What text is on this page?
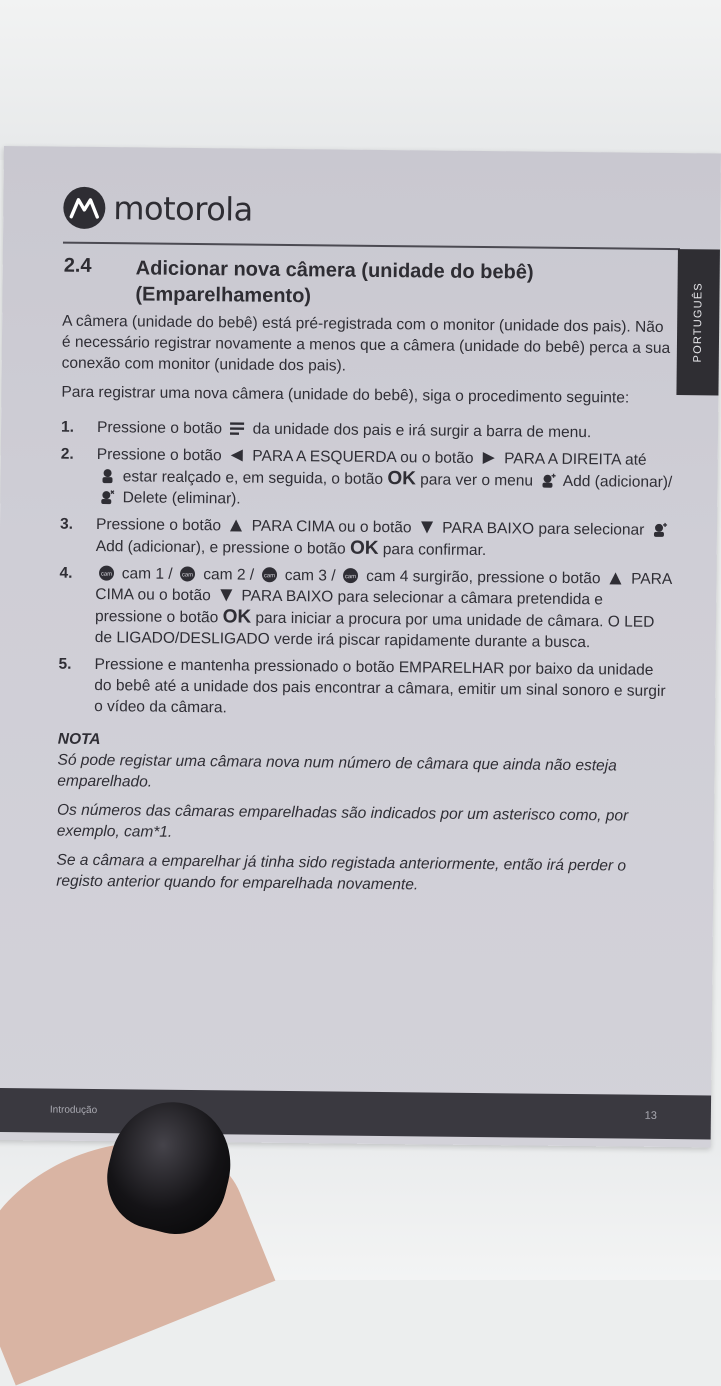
motorola
PORTUGUÊS
2.4 Adicionar nova câmera (unidade do bebê) (Emparelhamento)

A câmera (unidade do bebê) está pré-registrada com o monitor (unidade dos pais). Não é necessário registrar novamente a menos que a câmera (unidade do bebê) perca a sua conexão com monitor (unidade dos pais).

Para registrar uma nova câmera (unidade do bebê), siga o procedimento seguinte:

1.	Pressione o botão da unidade dos pais e irá surgir a barra de menu.
2.	Pressione o botão PARA A ESQUERDA ou o botão PARA A DIREITA até  estar realçado e, em seguida, o botão OK para ver o menu Add (adicionar)/  Delete (eliminar).
3.	Pressione o botão PARA CIMA ou o botão PARA BAIXO para selecionar  Add (adicionar), e pressione o botão OK para confirmar.
4.	cam cam 1 / cam cam 2 / cam cam 3 / cam cam 4 surgirão, pressione o botão PARA CIMA ou o botão PARA BAIXO para selecionar a câmara pretendida e pressione o botão OK para iniciar a procura por uma unidade de câmara. O LED de LIGADO/DESLIGADO verde irá piscar rapidamente durante a busca.
5.	Pressione e mantenha pressionado o botão EMPARELHAR por baixo da unidade do bebê até a unidade dos pais encontrar a câmara, emitir um sinal sonoro e surgir o vídeo da câmara.
NOTA

Só pode registar uma câmara nova num número de câmara que ainda não esteja emparelhado.

Os números das câmaras emparelhadas são indicados por um asterisco como, por exemplo, cam*1.

Se a câmara a emparelhar já tinha sido registada anteriormente, então irá perder o registo anterior quando for emparelhada novamente.

Introdução	13
